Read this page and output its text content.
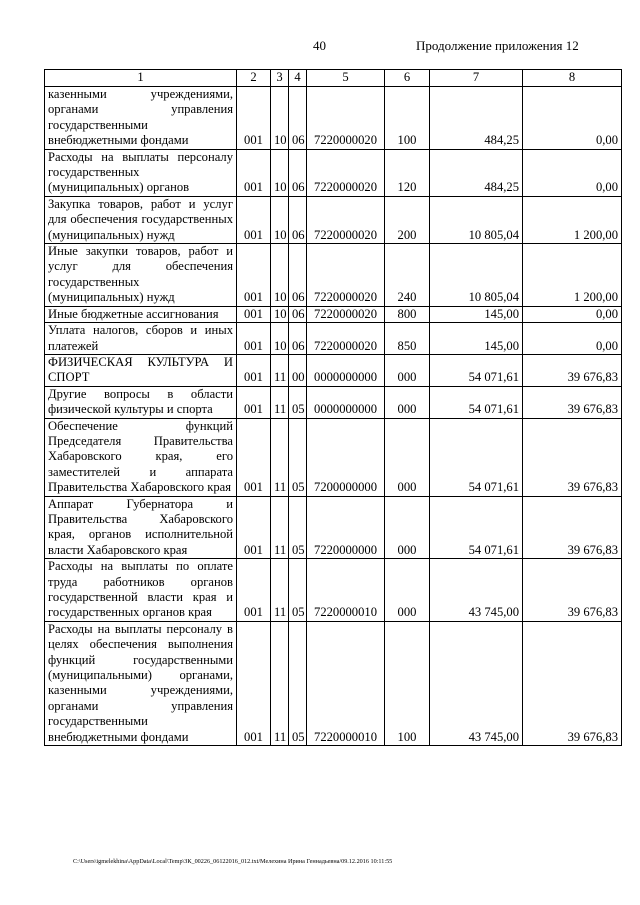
40	Продолжение приложения 12
1	2	3	4	5	6	7	8
казенными учреждениями, органами управления государственными внебюджетными фондами	001	10	06	7220000020	100	484,25	0,00
Расходы на выплаты персоналу государственных (муниципальных) органов	001	10	06	7220000020	120	484,25	0,00
Закупка товаров, работ и услуг для обеспечения государственных (муниципальных) нужд	001	10	06	7220000020	200	10 805,04	1 200,00
Иные закупки товаров, работ и услуг для обеспечения государственных (муниципальных) нужд	001	10	06	7220000020	240	10 805,04	1 200,00
Иные бюджетные ассигнования	001	10	06	7220000020	800	145,00	0,00
Уплата налогов, сборов и иных платежей	001	10	06	7220000020	850	145,00	0,00
ФИЗИЧЕСКАЯ КУЛЬТУРА И СПОРТ	001	11	00	0000000000	000	54 071,61	39 676,83
Другие вопросы в области физической культуры и спорта	001	11	05	0000000000	000	54 071,61	39 676,83
Обеспечение функций Председателя Правительства Хабаровского края, его заместителей и аппарата Правительства Хабаровского края	001	11	05	7200000000	000	54 071,61	39 676,83
Аппарат Губернатора и Правительства Хабаровского края, органов исполнительной власти Хабаровского края	001	11	05	7220000000	000	54 071,61	39 676,83
Расходы на выплаты по оплате труда работников органов государственной власти края и государственных органов края	001	11	05	7220000010	000	43 745,00	39 676,83
Расходы на выплаты персоналу в целях обеспечения выполнения функций государственными (муниципальными) органами, казенными учреждениями, органами управления государственными внебюджетными фондами	001	11	05	7220000010	100	43 745,00	39 676,83
C:\Users\igmelekhina\AppData\Local\Temp\ЗК_00226_06122016_012.txt/Мелехина Ирина Геннадьевна/09.12.2016 10:11:55
